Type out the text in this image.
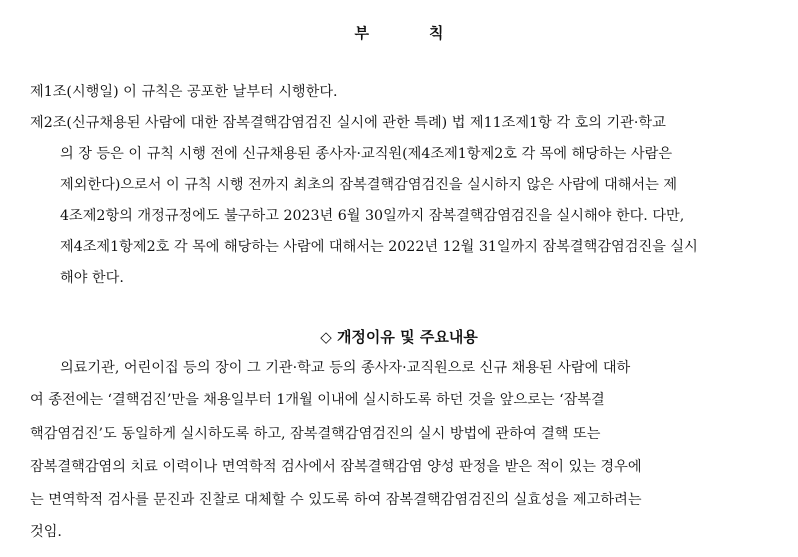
부	칙
제1조(시행일) 이 규칙은 공포한 날부터 시행한다.
제2조(신규채용된 사람에 대한 잠복결핵감염검진 실시에 관한 특례) 법 제11조제1항 각 호의 기관·학교
의 장 등은 이 규칙 시행 전에 신규채용된 종사자·교직원(제4조제1항제2호 각 목에 해당하는 사람은
제외한다)으로서 이 규칙 시행 전까지 최초의 잠복결핵감염검진을 실시하지 않은 사람에 대해서는 제
4조제2항의 개정규정에도 불구하고 2023년 6월 30일까지 잠복결핵감염검진을 실시해야 한다. 다만,
제4조제1항제2호 각 목에 해당하는 사람에 대해서는 2022년 12월 31일까지 잠복결핵감염검진을 실시
해야 한다.
◇ 개정이유 및 주요내용
의료기관, 어린이집 등의 장이 그 기관·학교 등의 종사자·교직원으로 신규 채용된 사람에 대하
여 종전에는 ‘결핵검진’만을 채용일부터 1개월 이내에 실시하도록 하던 것을 앞으로는 ‘잠복결
핵감염검진’도 동일하게 실시하도록 하고, 잠복결핵감염검진의 실시 방법에 관하여 결핵 또는
잠복결핵감염의 치료 이력이나 면역학적 검사에서 잠복결핵감염 양성 판정을 받은 적이 있는 경우에
는 면역학적 검사를 문진과 진찰로 대체할 수 있도록 하여 잠복결핵감염검진의 실효성을 제고하려는
것임.
